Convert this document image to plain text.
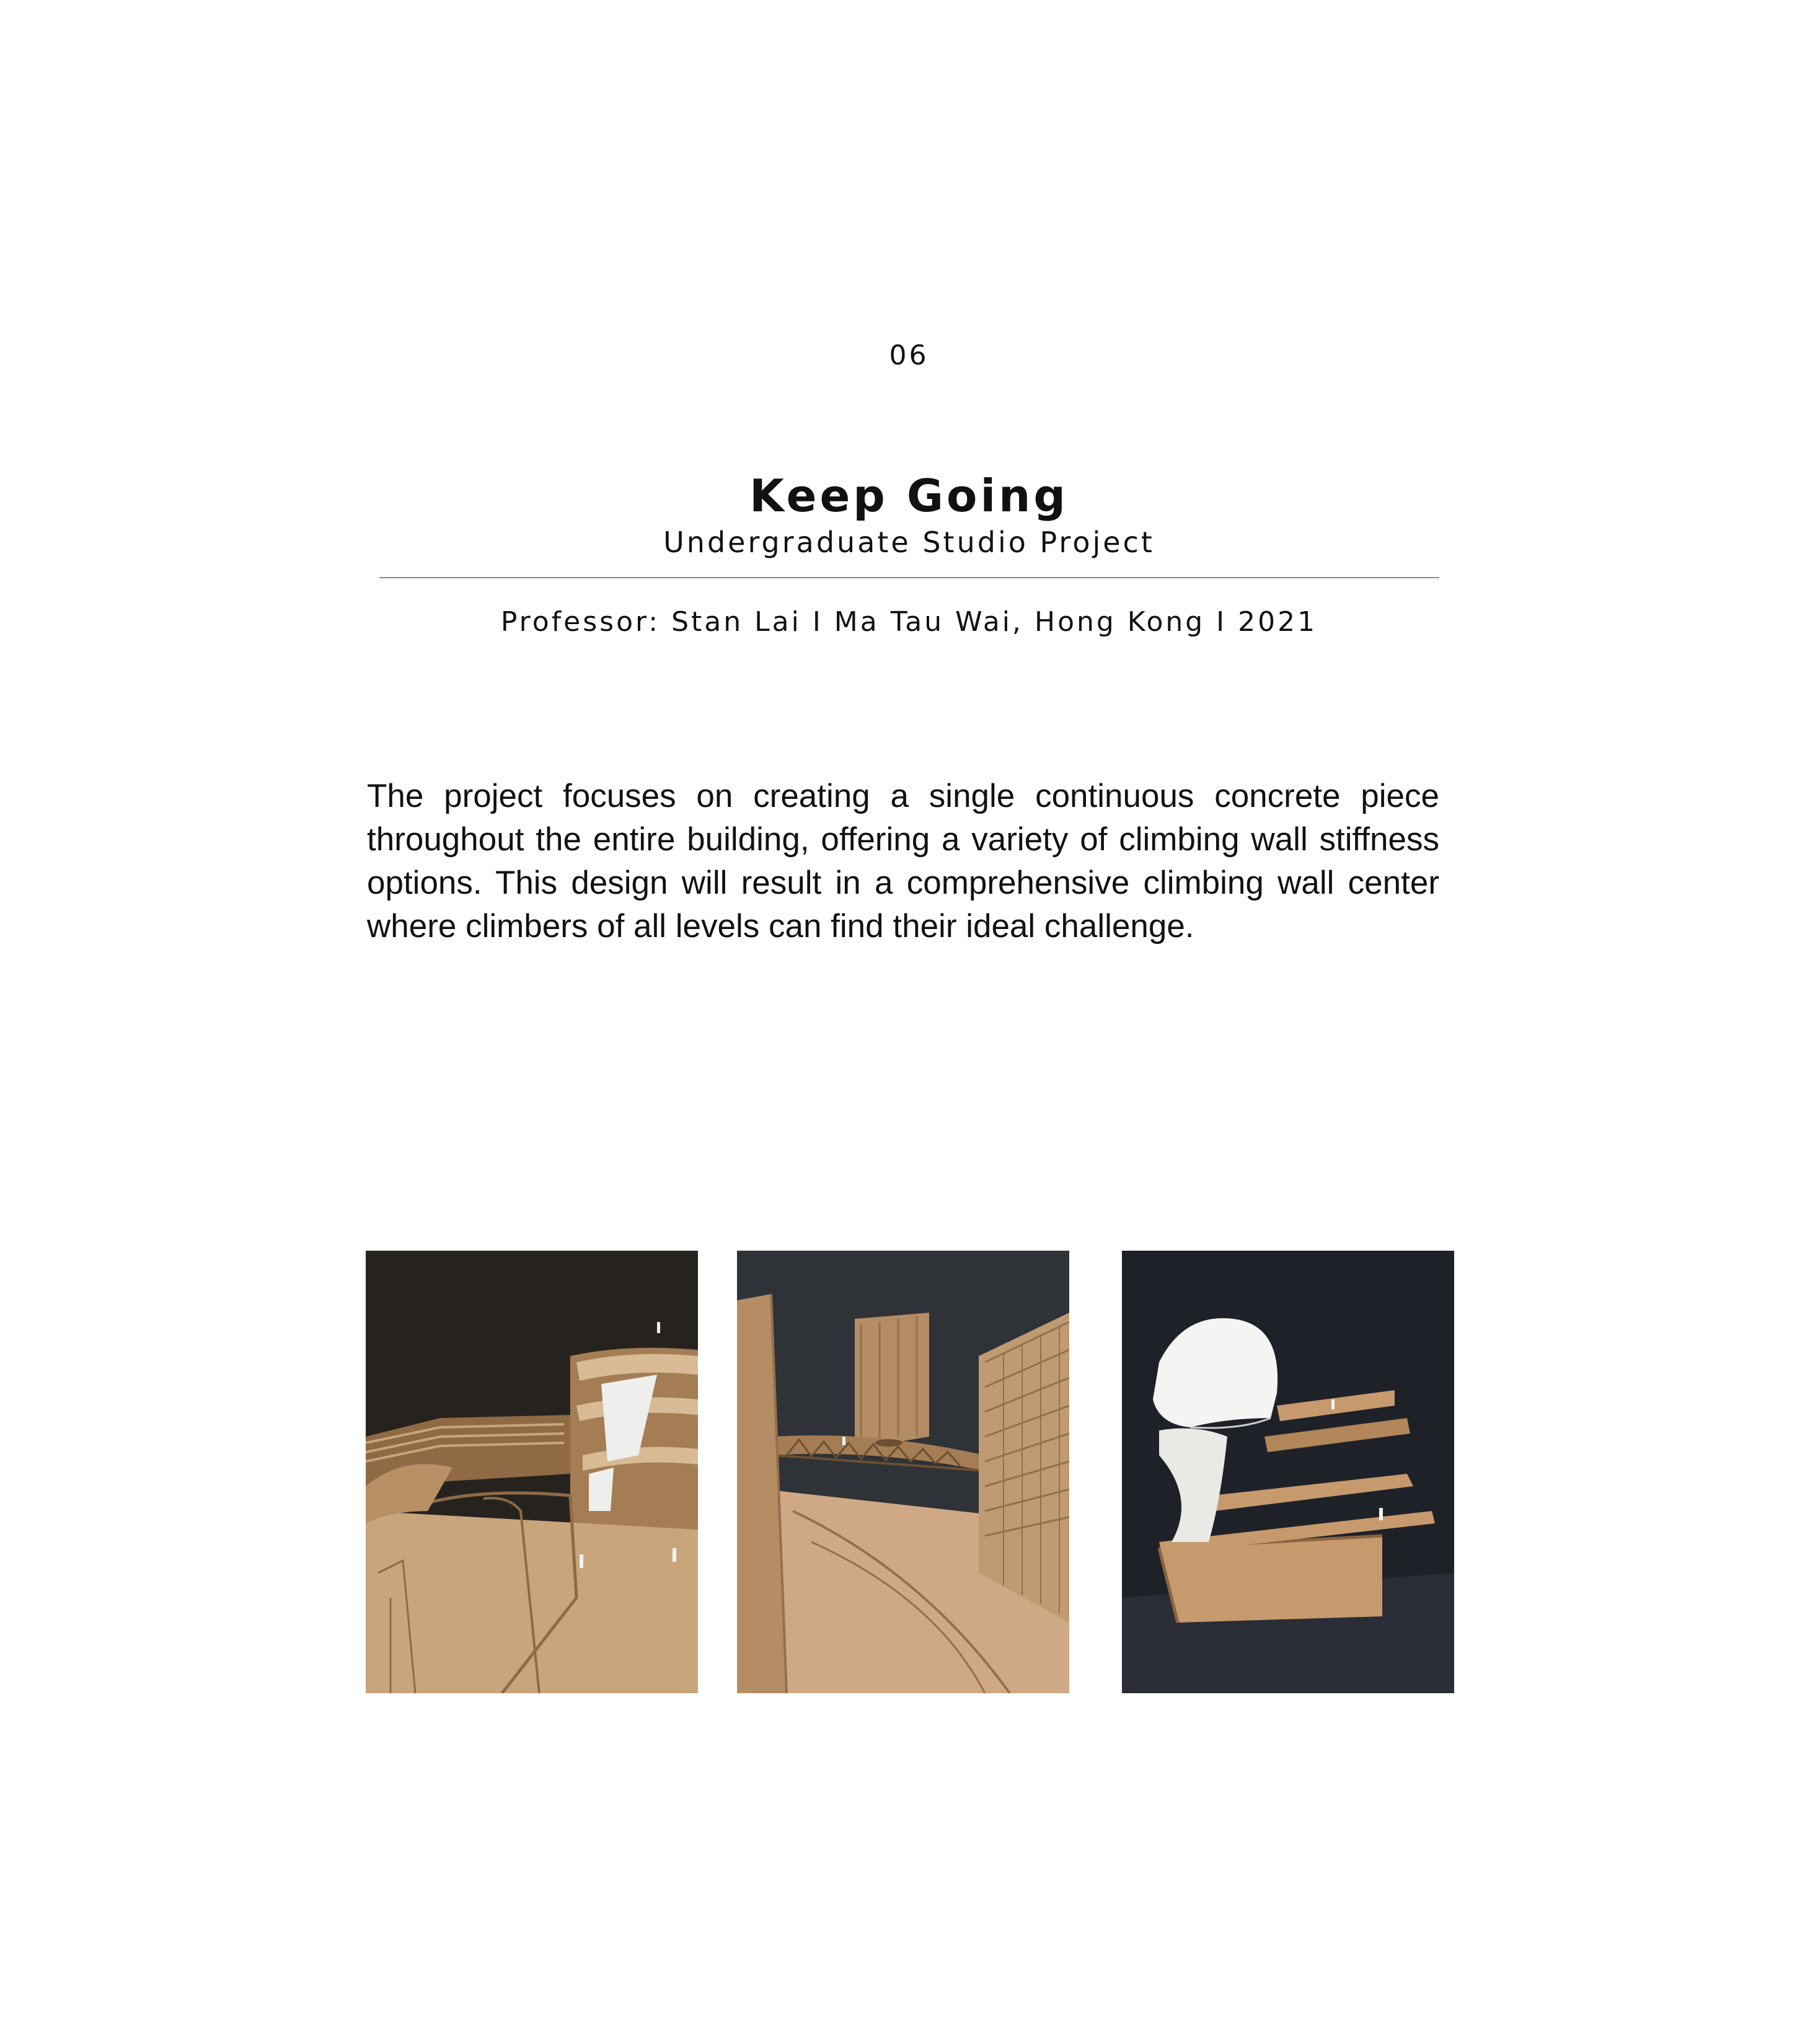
06
Keep Going
Undergraduate Studio Project
Professor: Stan Lai I Ma Tau Wai, Hong Kong I 2021
The project focuses on creating a single continuous concrete piece throughout the entire building, offering a variety of climbing wall stiffness options. This design will result in a comprehensive climbing wall center where climbers of all levels can find their ideal challenge.
